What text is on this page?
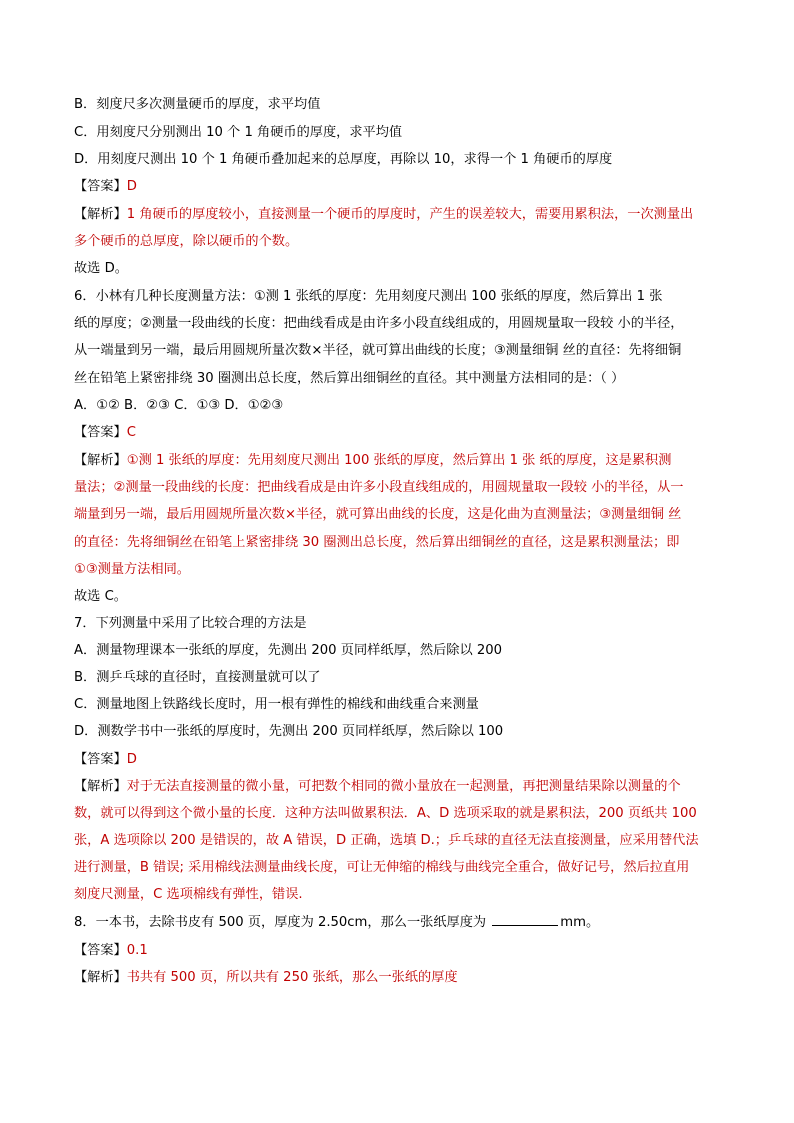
B．刻度尺多次测量硬币的厚度，求平均值
C．用刻度尺分别测出 10 个 1 角硬币的厚度，求平均值
D．用刻度尺测出 10 个 1 角硬币叠加起来的总厚度，再除以 10，求得一个 1 角硬币的厚度
【答案】D
【解析】1 角硬币的厚度较小，直接测量一个硬币的厚度时，产生的误差较大，需要用累积法，一次测量出
多个硬币的总厚度，除以硬币的个数。
故选 D。
6．小林有几种长度测量方法：①测 1 张纸的厚度：先用刻度尺测出 100 张纸的厚度，然后算出 1 张
纸的厚度；②测量一段曲线的长度：把曲线看成是由许多小段直线组成的，用圆规量取一段较 小的半径，
从一端量到另一端，最后用圆规所量次数×半径，就可算出曲线的长度；③测量细铜 丝的直径：先将细铜
丝在铅笔上紧密排绕 30 圈测出总长度，然后算出细铜丝的直径。其中测量方法相同的是：（ ）
A．①② B．②③ C．①③ D．①②③
【答案】C
【解析】①测 1 张纸的厚度：先用刻度尺测出 100 张纸的厚度，然后算出 1 张 纸的厚度，这是累积测
量法；②测量一段曲线的长度：把曲线看成是由许多小段直线组成的，用圆规量取一段较 小的半径，从一
端量到另一端，最后用圆规所量次数×半径，就可算出曲线的长度，这是化曲为直测量法；③测量细铜 丝
的直径：先将细铜丝在铅笔上紧密排绕 30 圈测出总长度，然后算出细铜丝的直径，这是累积测量法；即
①③测量方法相同。
故选 C。
7．下列测量中采用了比较合理的方法是
A．测量物理课本一张纸的厚度，先测出 200 页同样纸厚，然后除以 200
B．测乒乓球的直径时，直接测量就可以了
C．测量地图上铁路线长度时，用一根有弹性的棉线和曲线重合来测量
D．测数学书中一张纸的厚度时，先测出 200 页同样纸厚，然后除以 100
【答案】D
【解析】对于无法直接测量的微小量，可把数个相同的微小量放在一起测量，再把测量结果除以测量的个
数，就可以得到这个微小量的长度．这种方法叫做累积法．A、D 选项采取的就是累积法，200 页纸共 100
张，A 选项除以 200 是错误的，故 A 错误，D 正确，选填 D.；乒乓球的直径无法直接测量，应采用替代法
进行测量，B 错误; 采用棉线法测量曲线长度，可让无伸缩的棉线与曲线完全重合，做好记号，然后拉直用
刻度尺测量，C 选项棉线有弹性，错误.
8．一本书，去除书皮有 500 页，厚度为 2.50cm，那么一张纸厚度为	mm。
【答案】0.1
【解析】书共有 500 页，所以共有 250 张纸，那么一张纸的厚度
